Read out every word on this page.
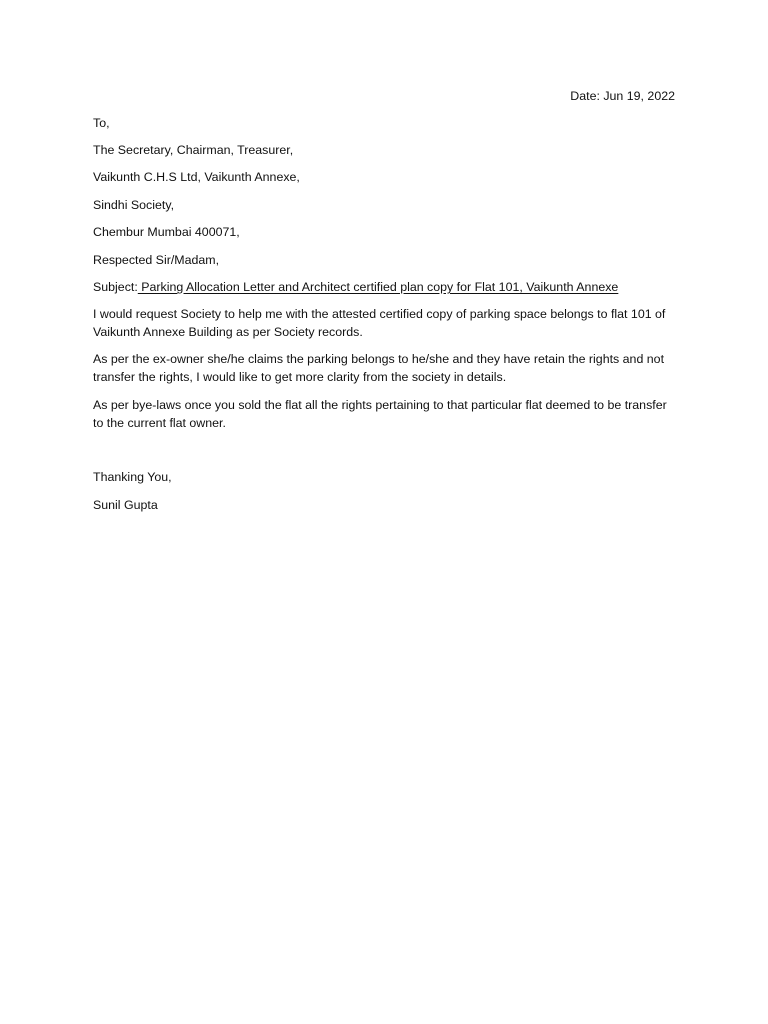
Date: Jun 19, 2022
To,
The Secretary, Chairman, Treasurer,
Vaikunth C.H.S Ltd, Vaikunth Annexe,
Sindhi Society,
Chembur Mumbai 400071,
Respected Sir/Madam,
Subject: Parking Allocation Letter and Architect certified plan copy for Flat 101, Vaikunth Annexe
I would request Society to help me with the attested certified copy of parking space belongs to flat 101 of Vaikunth Annexe Building as per Society records.
As per the ex-owner she/he claims the parking belongs to he/she and they have retain the rights and not transfer the rights, I would like to get more clarity from the society in details.
As per bye-laws once you sold the flat all the rights pertaining to that particular flat deemed to be transfer to the current flat owner.
Thanking You,
Sunil Gupta
